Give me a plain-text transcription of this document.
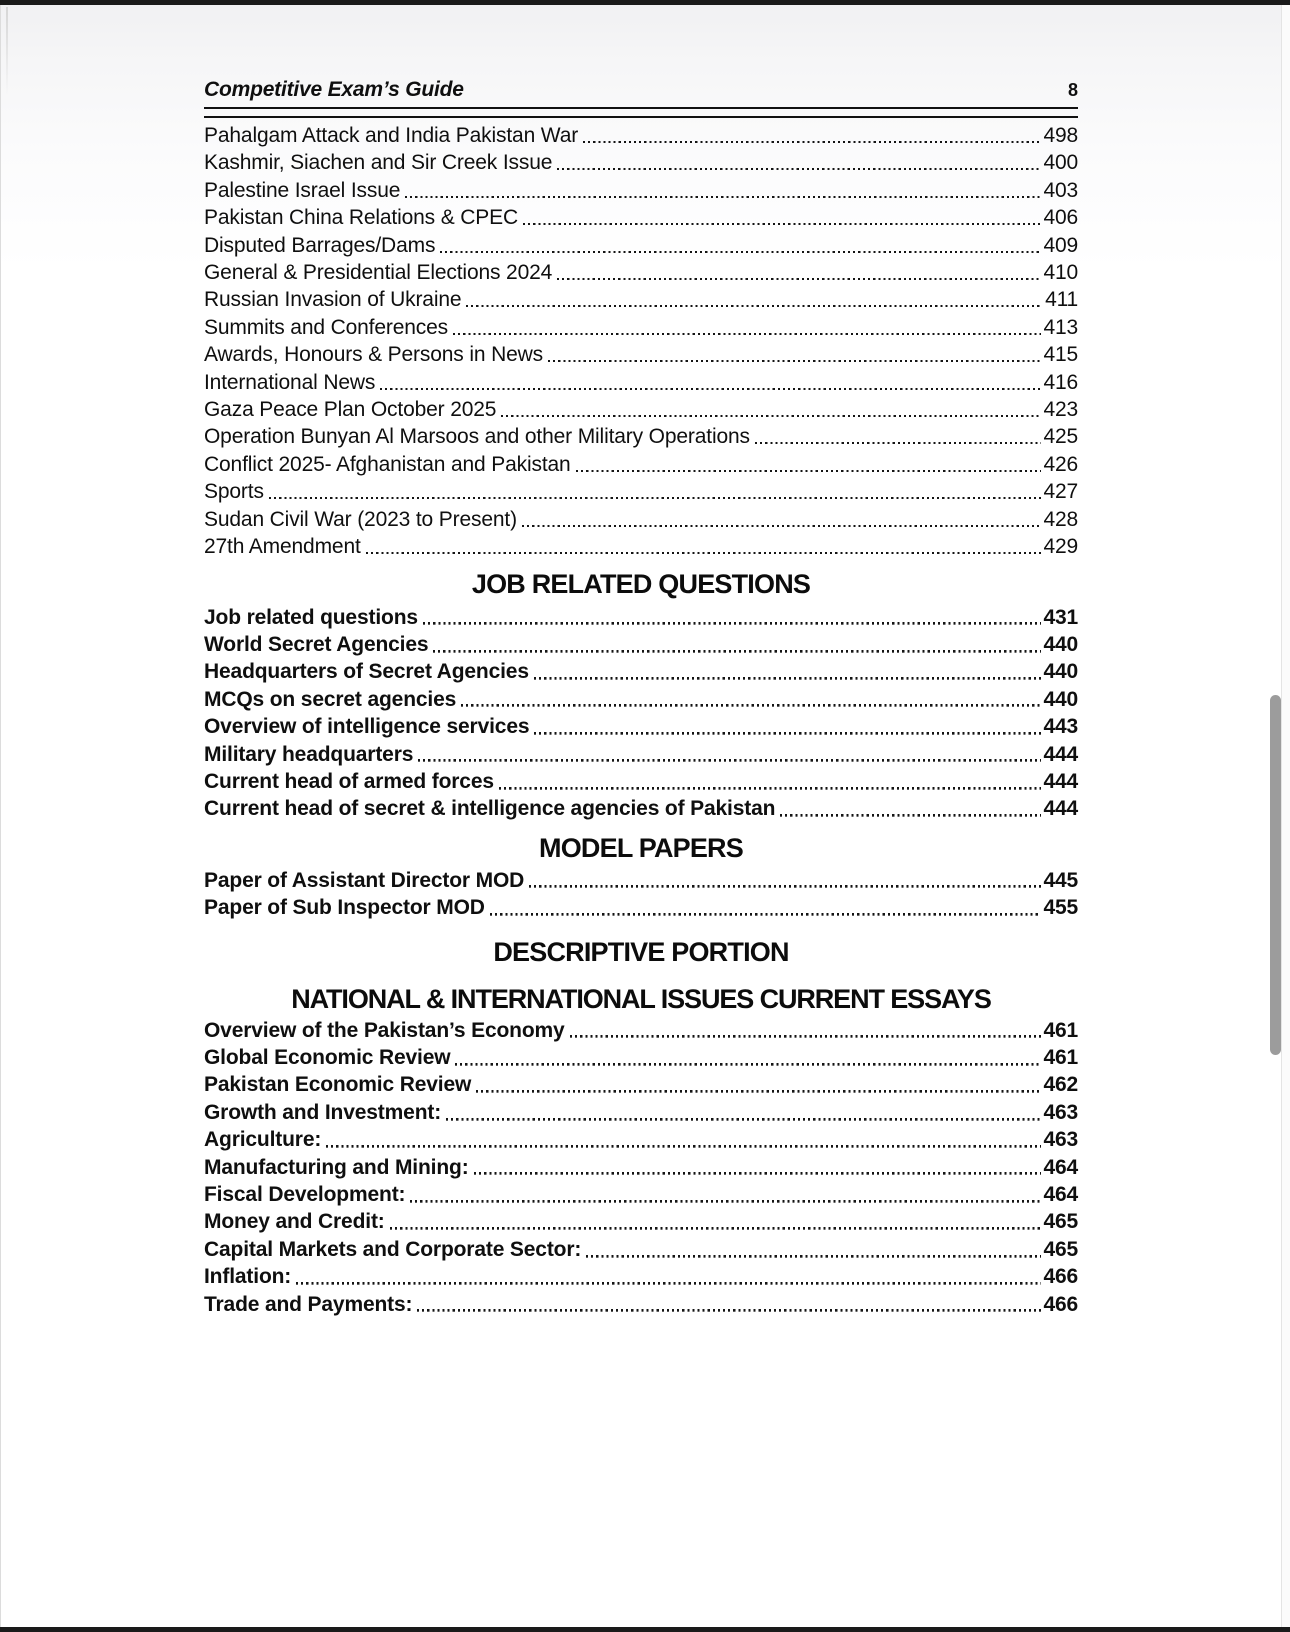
Competitive Exam’s Guide	8
Pahalgam Attack and India Pakistan War	498
Kashmir, Siachen and Sir Creek Issue	400
Palestine Israel Issue	403
Pakistan China Relations & CPEC	406
Disputed Barrages/Dams	409
General & Presidential Elections 2024	410
Russian Invasion of Ukraine	411
Summits and Conferences	413
Awards, Honours & Persons in News	415
International News	416
Gaza Peace Plan October 2025	423
Operation Bunyan Al Marsoos and other Military Operations	425
Conflict 2025- Afghanistan and Pakistan	426
Sports	427
Sudan Civil War (2023 to Present)	428
27th Amendment	429
JOB RELATED QUESTIONS
Job related questions	431
World Secret Agencies	440
Headquarters of Secret Agencies	440
MCQs on secret agencies	440
Overview of intelligence services	443
Military headquarters	444
Current head of armed forces	444
Current head of secret & intelligence agencies of Pakistan	444
MODEL PAPERS
Paper of Assistant Director MOD	445
Paper of Sub Inspector MOD	455
DESCRIPTIVE PORTION
NATIONAL & INTERNATIONAL ISSUES CURRENT ESSAYS
Overview of the Pakistan’s Economy	461
Global Economic Review	461
Pakistan Economic Review	462
Growth and Investment:	463
Agriculture:	463
Manufacturing and Mining:	464
Fiscal Development:	464
Money and Credit:	465
Capital Markets and Corporate Sector:	465
Inflation:	466
Trade and Payments:	466
